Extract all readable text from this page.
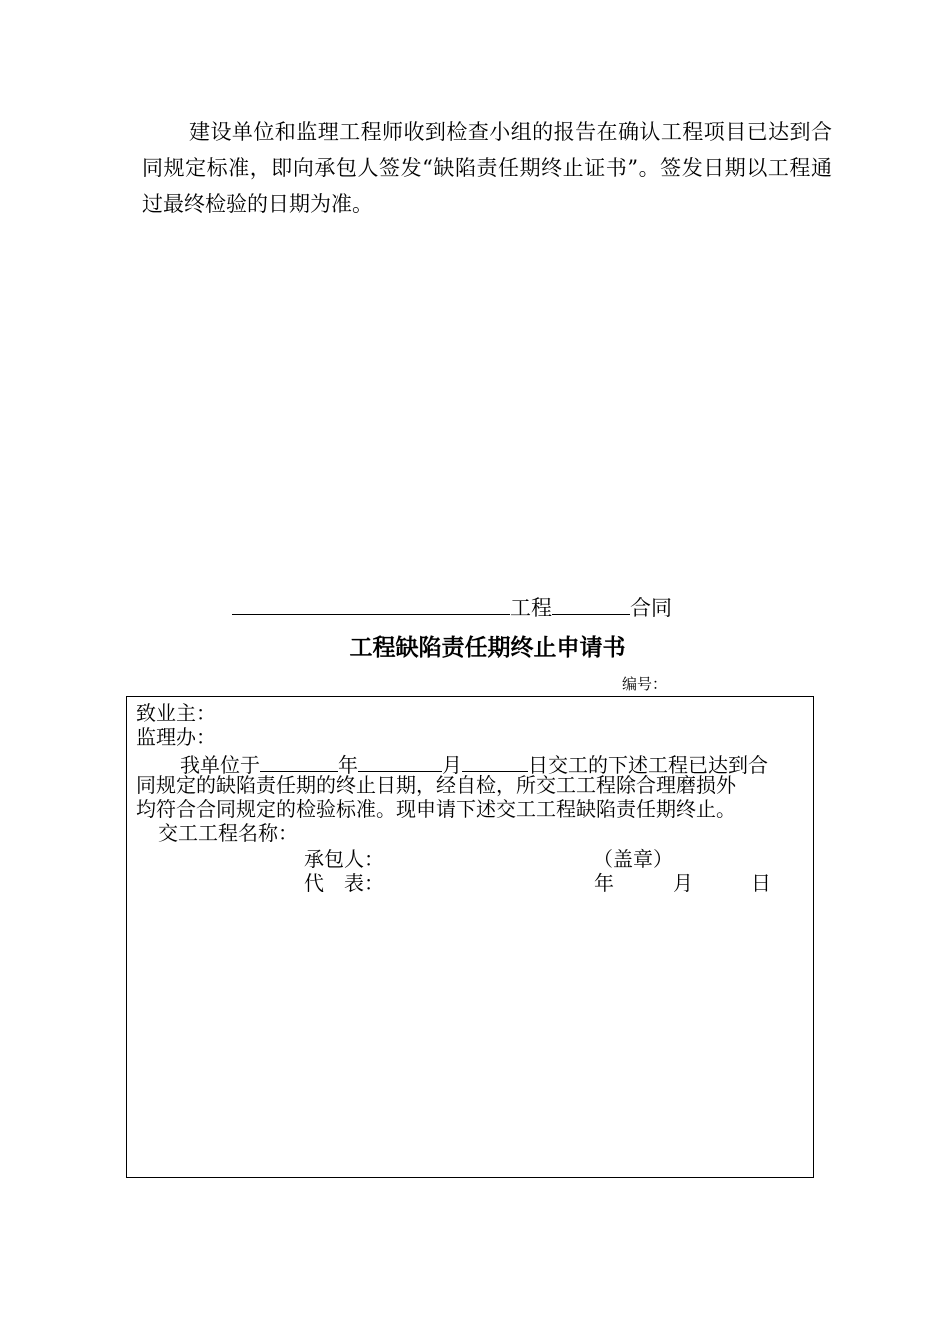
建设单位和监理工程师收到检查小组的报告在确认工程项目已达到合同规定标准，即向承包人签发“缺陷责任期终止证书”。签发日期以工程通过最终检验的日期为准。

工程	合同
工程缺陷责任期终止申请书
编号：
致业主：
监理办：
我单位于	年	月	日交工的下述工程已达到合
同规定的缺陷责任期的终止日期，经自检，所交工工程除合理磨损外
均符合合同规定的检验标准。现申请下述交工工程缺陷责任期终止。
交工工程名称：
承包人：	（盖章）
代　表：	年	月	日
